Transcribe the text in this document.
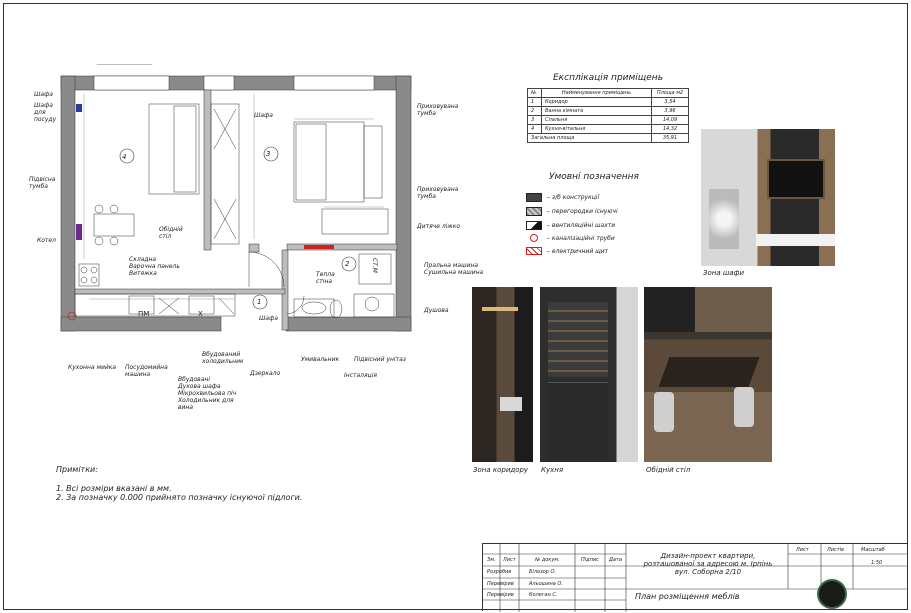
4	3
2
1
Шафа
Шафа
для
посуду
Підвісна
тумба
Котел
Складна
Варочна панель
Витяжка
Обідній
стіл
Кухонна мийка Посудомийна
машина
Вбудований
холодильник
Вбудовані
Духова шафа
Мікрохвильова піч
Холодильник для
вина
Дзеркало
Шафа
Шафа
Приховувана
тумба
Приховувана
тумба
Дитяче ліжко
Тепла
стіна
Пральна машина
Сушильна машина
Душова
Умивальник Підвісний унітаз
Інсталяція
ПМ	Х
СТ.М
Експлікація приміщень
№	Найменування приміщень	Площа м2
1	Коридор	3,54
2	Ванна кімната	3,96
3	Спальня	14,09
4	Кухня-вітальня	14,32
Загальна площа		35,91
Умовні позначення
– з/б конструкції
– перегородки існуючі
– вентиляційні шахти
– каналізаційні труби
– електричний щит
Зона шафи
Зона коридору Кухня	Обідній стіл
Примітки:
1. Всі розміри вказані в мм.
2. За позначку 0.000 прийнято позначку існуючої підлоги.
Зм. Лист	№ докум.	Підпис Дата
Розробив	Білозор О.
Перевірив	Альошина О.
Перевірив	Колеган С.
Дизайн-проект квартири,
розташованої за адресою м. Ірпінь
вул. Соборна 2/10
План розміщення меблів
Лист	Листів	Масштаб
1:50
